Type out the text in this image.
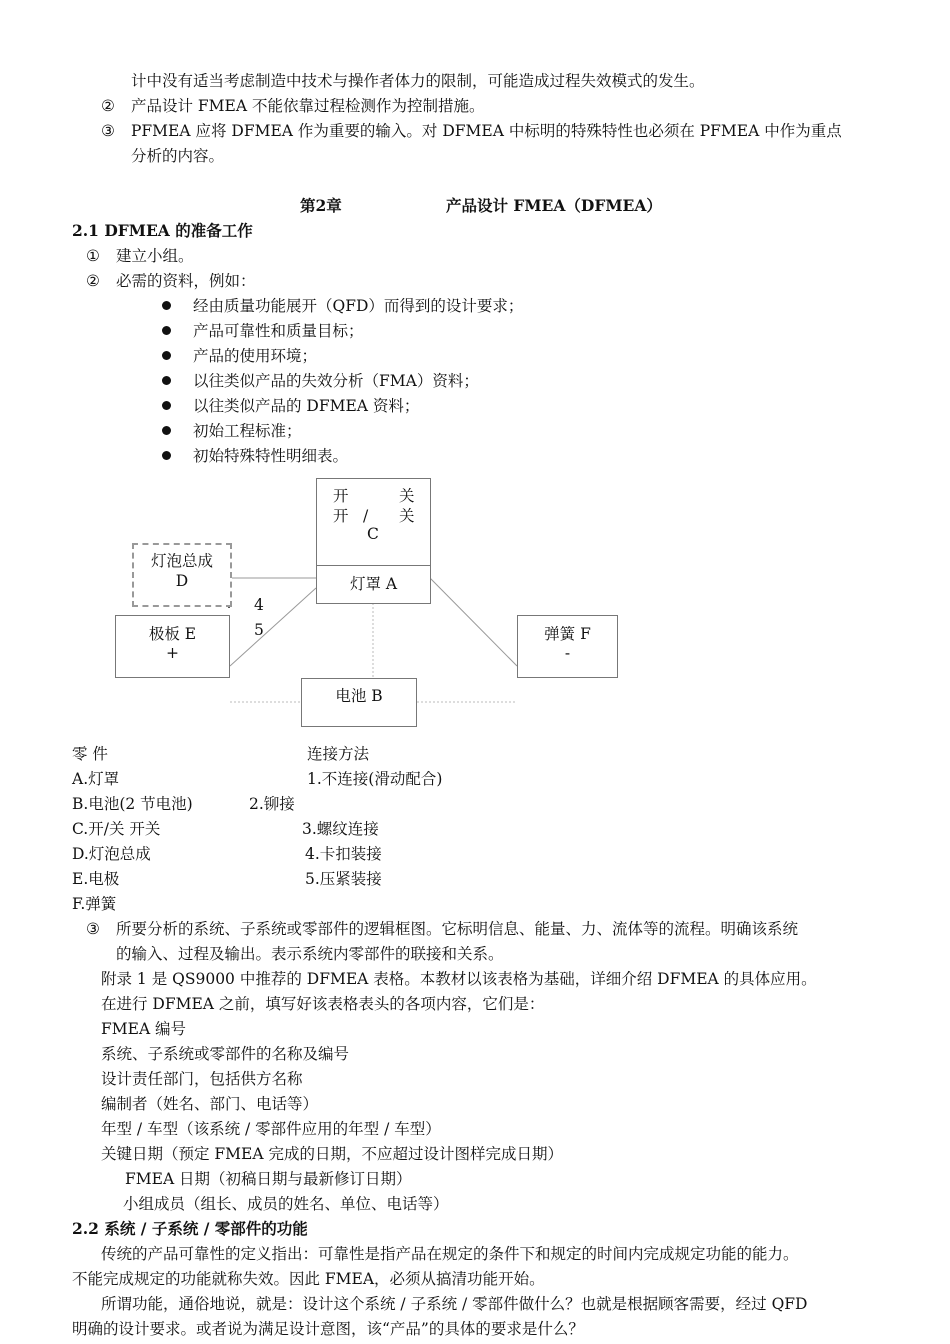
计中没有适当考虑制造中技术与操作者体力的限制，可能造成过程失效模式的发生。
② 产品设计 FMEA 不能依靠过程检测作为控制措施。
③ PFMEA 应将 DFMEA 作为重要的输入。对 DFMEA 中标明的特殊特性也必须在 PFMEA 中作为重点
分析的内容。
第2章	产品设计 FMEA（DFMEA）
2.1 DFMEA 的准备工作
① 建立小组。
② 必需的资料，例如：
经由质量功能展开（QFD）而得到的设计要求；
产品可靠性和质量目标；
产品的使用环境；
以往类似产品的失效分析（FMA）资料；
以往类似产品的 DFMEA 资料；
初始工程标准；
初始特殊特性明细表。
开	关
开 / 关
C
灯罩 A
灯泡总成
D
4
5
极板 E
+
弹簧 F
-
电池 B
零 件	连接方法
A.灯罩	1.不连接(滑动配合)
B.电池(2 节电池)	2.铆接
C.开/关 开关	3.螺纹连接
D.灯泡总成	4.卡扣装接
E.电极	5.压紧装接
F.弹簧
③ 所要分析的系统、子系统或零部件的逻辑框图。它标明信息、能量、力、流体等的流程。明确该系统
的输入、过程及输出。表示系统内零部件的联接和关系。
附录 1 是 QS9000 中推荐的 DFMEA 表格。本教材以该表格为基础，详细介绍 DFMEA 的具体应用。
在进行 DFMEA 之前，填写好该表格表头的各项内容，它们是：
FMEA 编号
系统、子系统或零部件的名称及编号
设计责任部门，包括供方名称
编制者（姓名、部门、电话等）
年型 / 车型（该系统 / 零部件应用的年型 / 车型）
关键日期（预定 FMEA 完成的日期，不应超过设计图样完成日期）
FMEA 日期（初稿日期与最新修订日期）
小组成员（组长、成员的姓名、单位、电话等）
2.2 系统 / 子系统 / 零部件的功能
传统的产品可靠性的定义指出：可靠性是指产品在规定的条件下和规定的时间内完成规定功能的能力。
不能完成规定的功能就称失效。因此 FMEA，必须从搞清功能开始。
所谓功能，通俗地说，就是：设计这个系统 / 子系统 / 零部件做什么？也就是根据顾客需要，经过 QFD
明确的设计要求。或者说为满足设计意图，该“产品”的具体的要求是什么？
